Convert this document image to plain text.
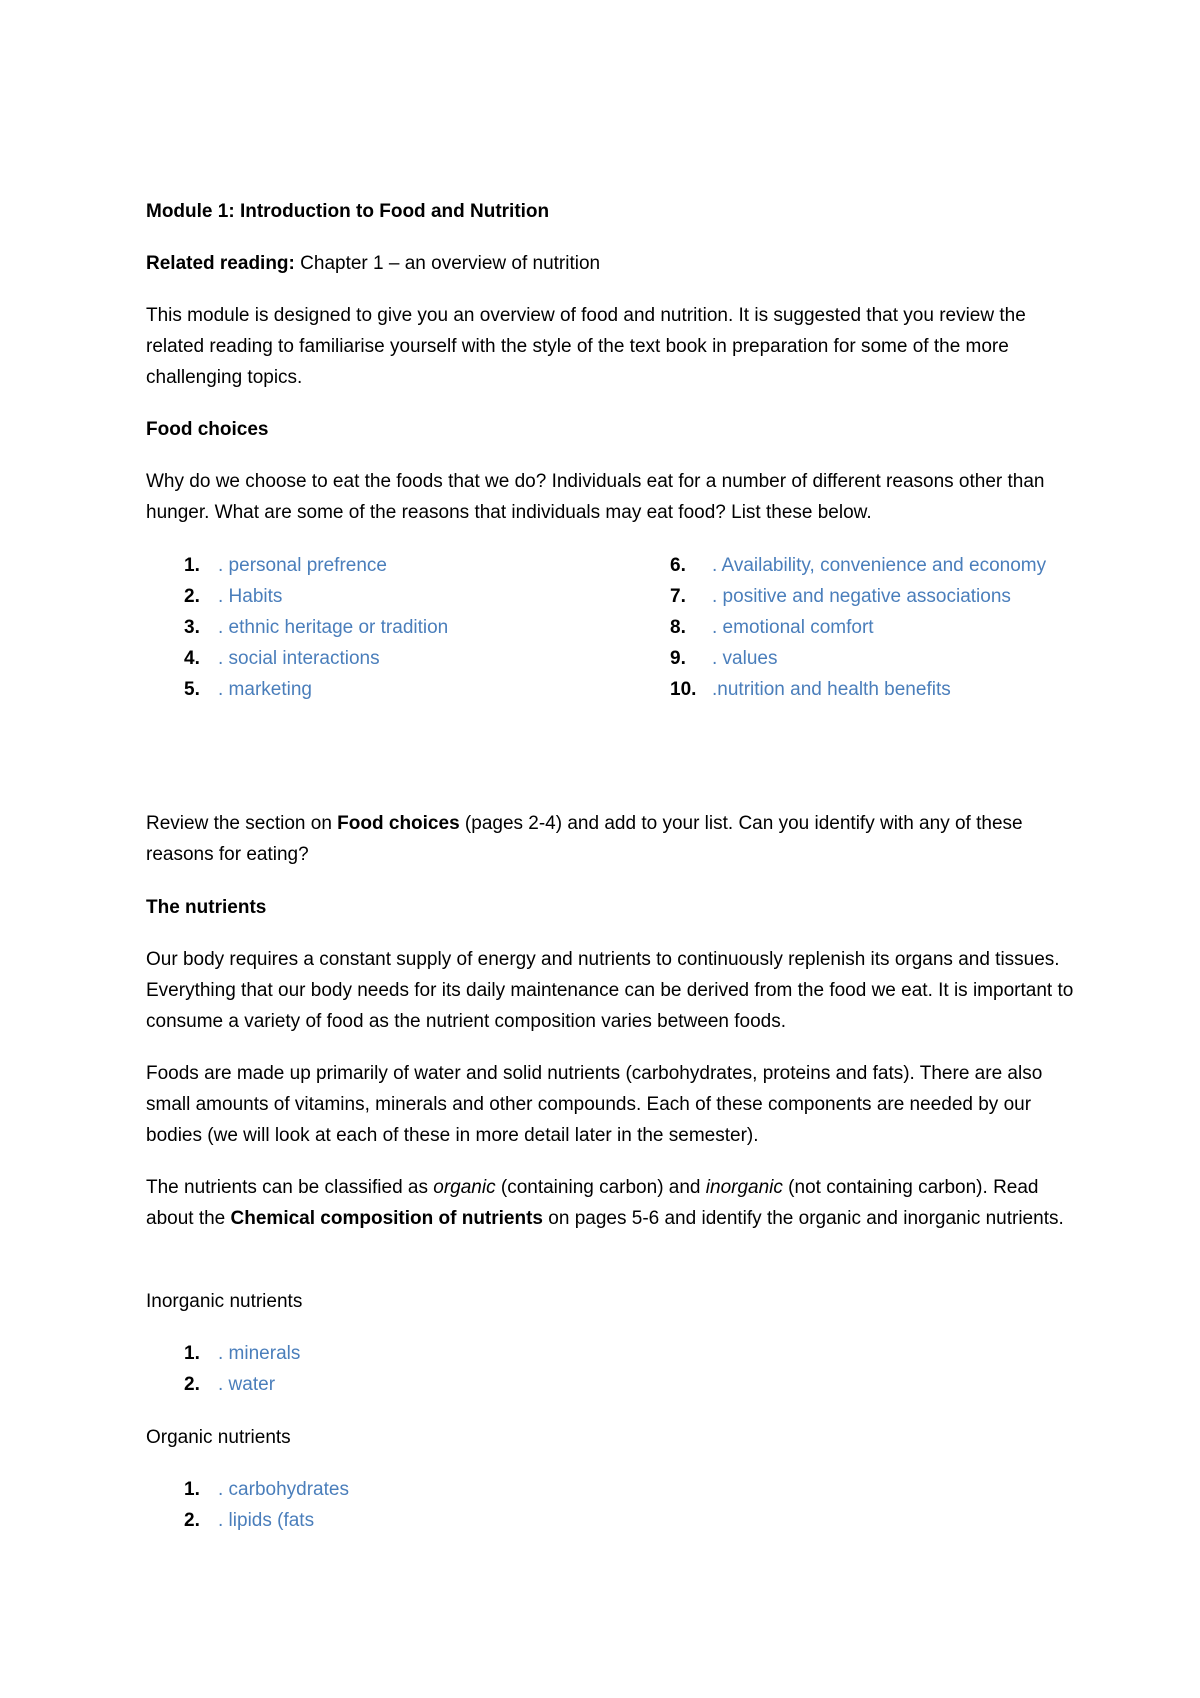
Module 1: Introduction to Food and Nutrition

Related reading: Chapter 1 – an overview of nutrition

This module is designed to give you an overview of food and nutrition. It is suggested that you review the related reading to familiarise yourself with the style of the text book in preparation for some of the more challenging topics.

Food choices

Why do we choose to eat the foods that we do? Individuals eat for a number of different reasons other than hunger. What are some of the reasons that individuals may eat food? List these below.

1. . personal prefrence
2. . Habits
3. . ethnic heritage or tradition
4. . social interactions
5. . marketing
6.	. Availability, convenience and economy
7.	. positive and negative associations
8.	. emotional comfort
9.	. values
10. .nutrition and health benefits

Review the section on Food choices (pages 2-4) and add to your list. Can you identify with any of these reasons for eating?

The nutrients

Our body requires a constant supply of energy and nutrients to continuously replenish its organs and tissues. Everything that our body needs for its daily maintenance can be derived from the food we eat. It is important to consume a variety of food as the nutrient composition varies between foods.

Foods are made up primarily of water and solid nutrients (carbohydrates, proteins and fats). There are also small amounts of vitamins, minerals and other compounds. Each of these components are needed by our bodies (we will look at each of these in more detail later in the semester).

The nutrients can be classified as organic (containing carbon) and inorganic (not containing carbon). Read about the Chemical composition of nutrients on pages 5-6 and identify the organic and inorganic nutrients.

Inorganic nutrients

1. . minerals
2. . water

Organic nutrients

1. . carbohydrates
2. . lipids (fats
